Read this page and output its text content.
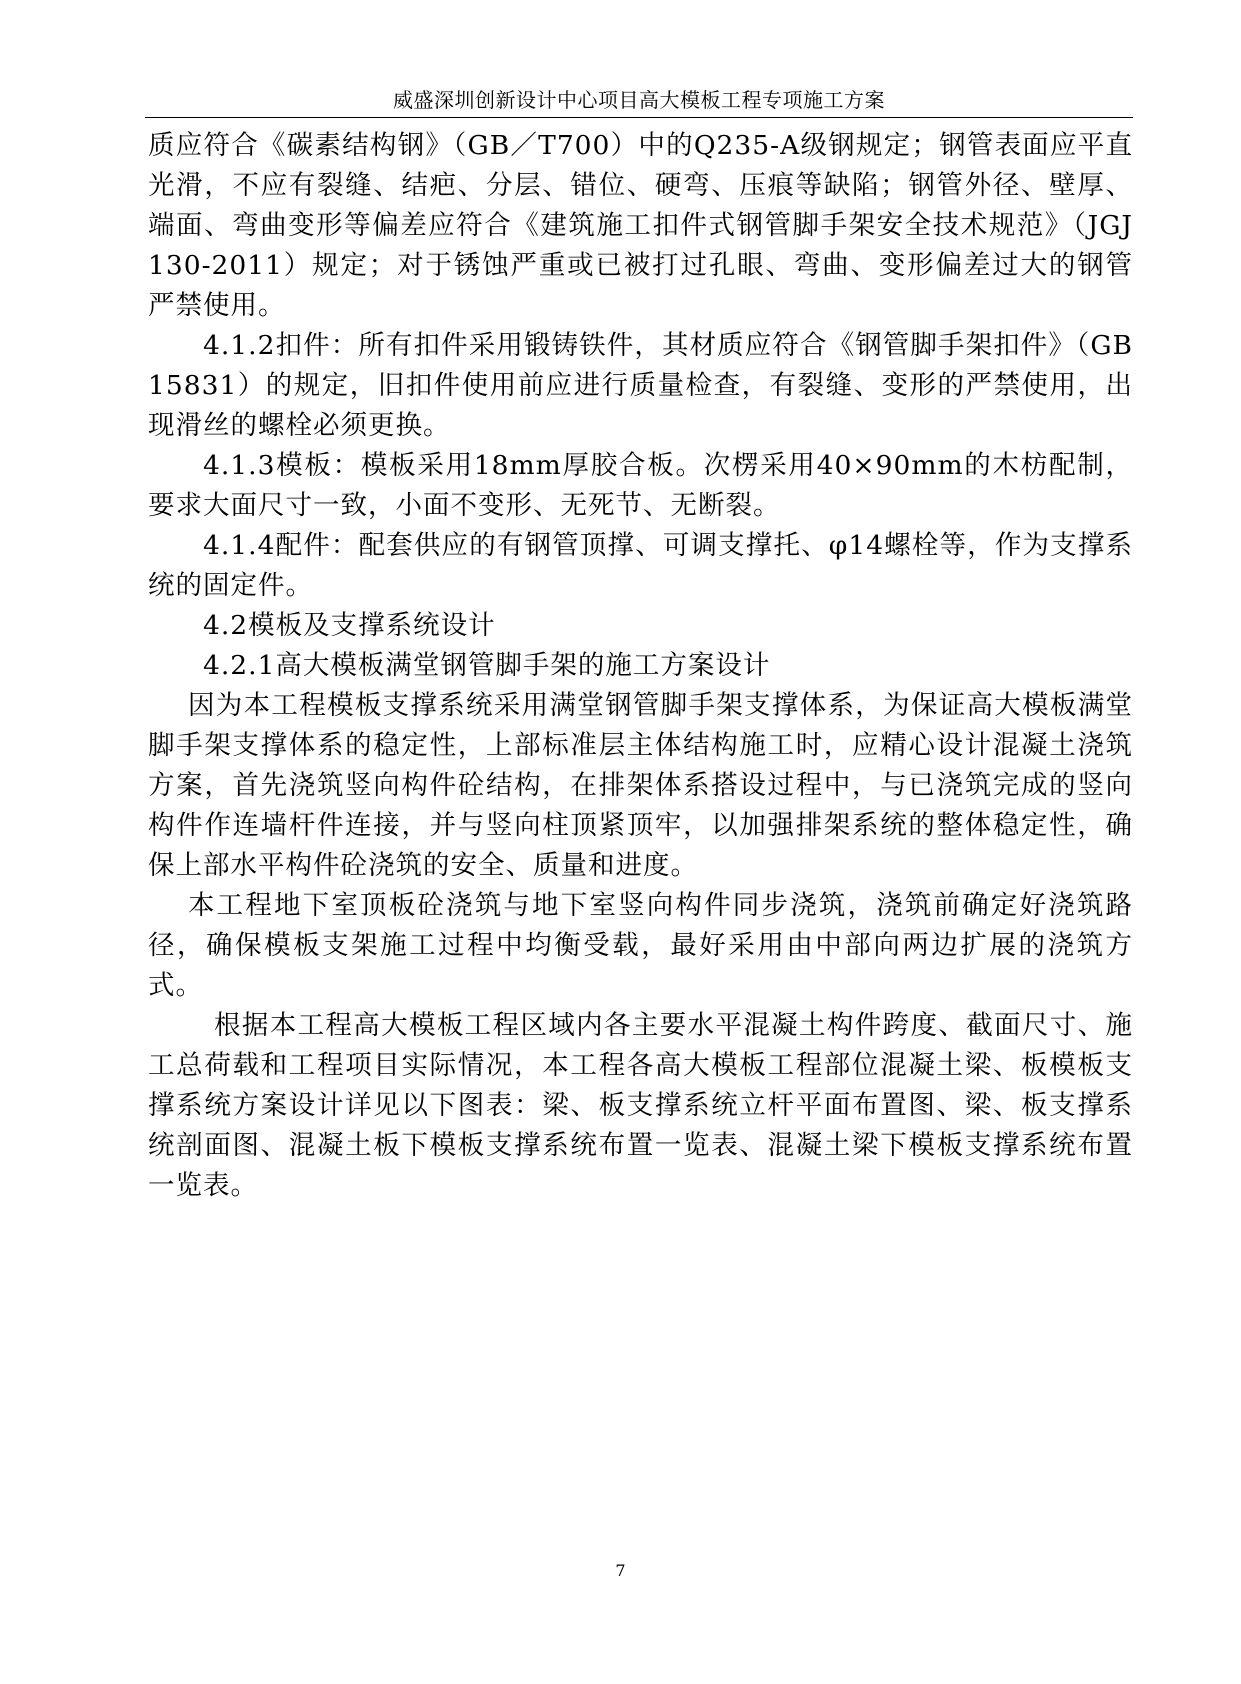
威盛深圳创新设计中心项目高大模板工程专项施工方案

质应符合《碳素结构钢》（GB／T700）中的Q235-A级钢规定；钢管表面应平直光滑，不应有裂缝、结疤、分层、错位、硬弯、压痕等缺陷；钢管外径、壁厚、端面、弯曲变形等偏差应符合《建筑施工扣件式钢管脚手架安全技术规范》（JGJ130-2011）规定；对于锈蚀严重或已被打过孔眼、弯曲、变形偏差过大的钢管严禁使用。

4.1.2扣件：所有扣件采用锻铸铁件，其材质应符合《钢管脚手架扣件》（GB15831）的规定，旧扣件使用前应进行质量检查，有裂缝、变形的严禁使用，出现滑丝的螺栓必须更换。

4.1.3模板：模板采用18mm厚胶合板。次楞采用40×90mm的木枋配制，要求大面尺寸一致，小面不变形、无死节、无断裂。

4.1.4配件：配套供应的有钢管顶撑、可调支撑托、φ14螺栓等，作为支撑系统的固定件。

4.2模板及支撑系统设计

4.2.1高大模板满堂钢管脚手架的施工方案设计

因为本工程模板支撑系统采用满堂钢管脚手架支撑体系，为保证高大模板满堂脚手架支撑体系的稳定性，上部标准层主体结构施工时，应精心设计混凝土浇筑方案，首先浇筑竖向构件砼结构，在排架体系搭设过程中，与已浇筑完成的竖向构件作连墙杆件连接，并与竖向柱顶紧顶牢，以加强排架系统的整体稳定性，确保上部水平构件砼浇筑的安全、质量和进度。

本工程地下室顶板砼浇筑与地下室竖向构件同步浇筑，浇筑前确定好浇筑路径，确保模板支架施工过程中均衡受载，最好采用由中部向两边扩展的浇筑方式。

根据本工程高大模板工程区域内各主要水平混凝土构件跨度、截面尺寸、施工总荷载和工程项目实际情况，本工程各高大模板工程部位混凝土梁、板模板支撑系统方案设计详见以下图表：梁、板支撑系统立杆平面布置图、梁、板支撑系统剖面图、混凝土板下模板支撑系统布置一览表、混凝土梁下模板支撑系统布置一览表。

7
